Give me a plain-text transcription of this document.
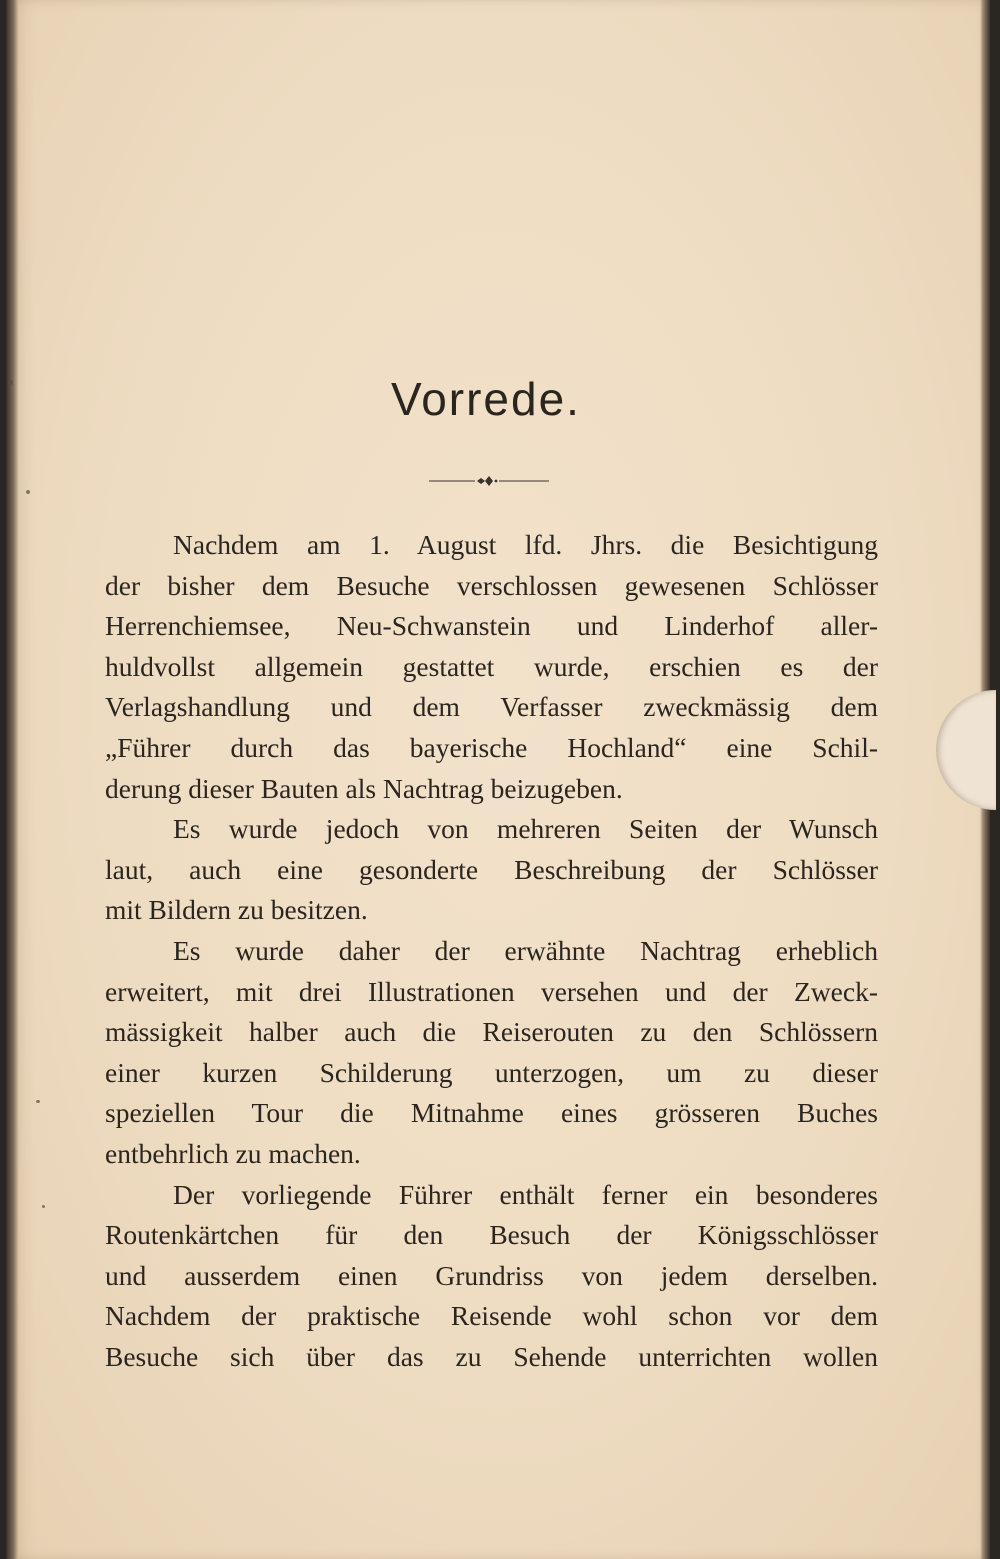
Vorrede.
Nachdem am 1. August lfd. Jhrs. die Besichtigung
der bisher dem Besuche verschlossen gewesenen Schlösser
Herrenchiemsee, Neu-Schwanstein und Linderhof aller-
huldvollst allgemein gestattet wurde, erschien es der
Verlagshandlung und dem Verfasser zweckmässig dem
„Führer durch das bayerische Hochland“ eine Schil-
derung dieser Bauten als Nachtrag beizugeben.
Es wurde jedoch von mehreren Seiten der Wunsch
laut, auch eine gesonderte Beschreibung der Schlösser
mit Bildern zu besitzen.
Es wurde daher der erwähnte Nachtrag erheblich
erweitert, mit drei Illustrationen versehen und der Zweck-
mässigkeit halber auch die Reiserouten zu den Schlössern
einer kurzen Schilderung unterzogen, um zu dieser
speziellen Tour die Mitnahme eines grösseren Buches
entbehrlich zu machen.
Der vorliegende Führer enthält ferner ein besonderes
Routenkärtchen für den Besuch der Königsschlösser
und ausserdem einen Grundriss von jedem derselben.
Nachdem der praktische Reisende wohl schon vor dem
Besuche sich über das zu Sehende unterrichten wollen
